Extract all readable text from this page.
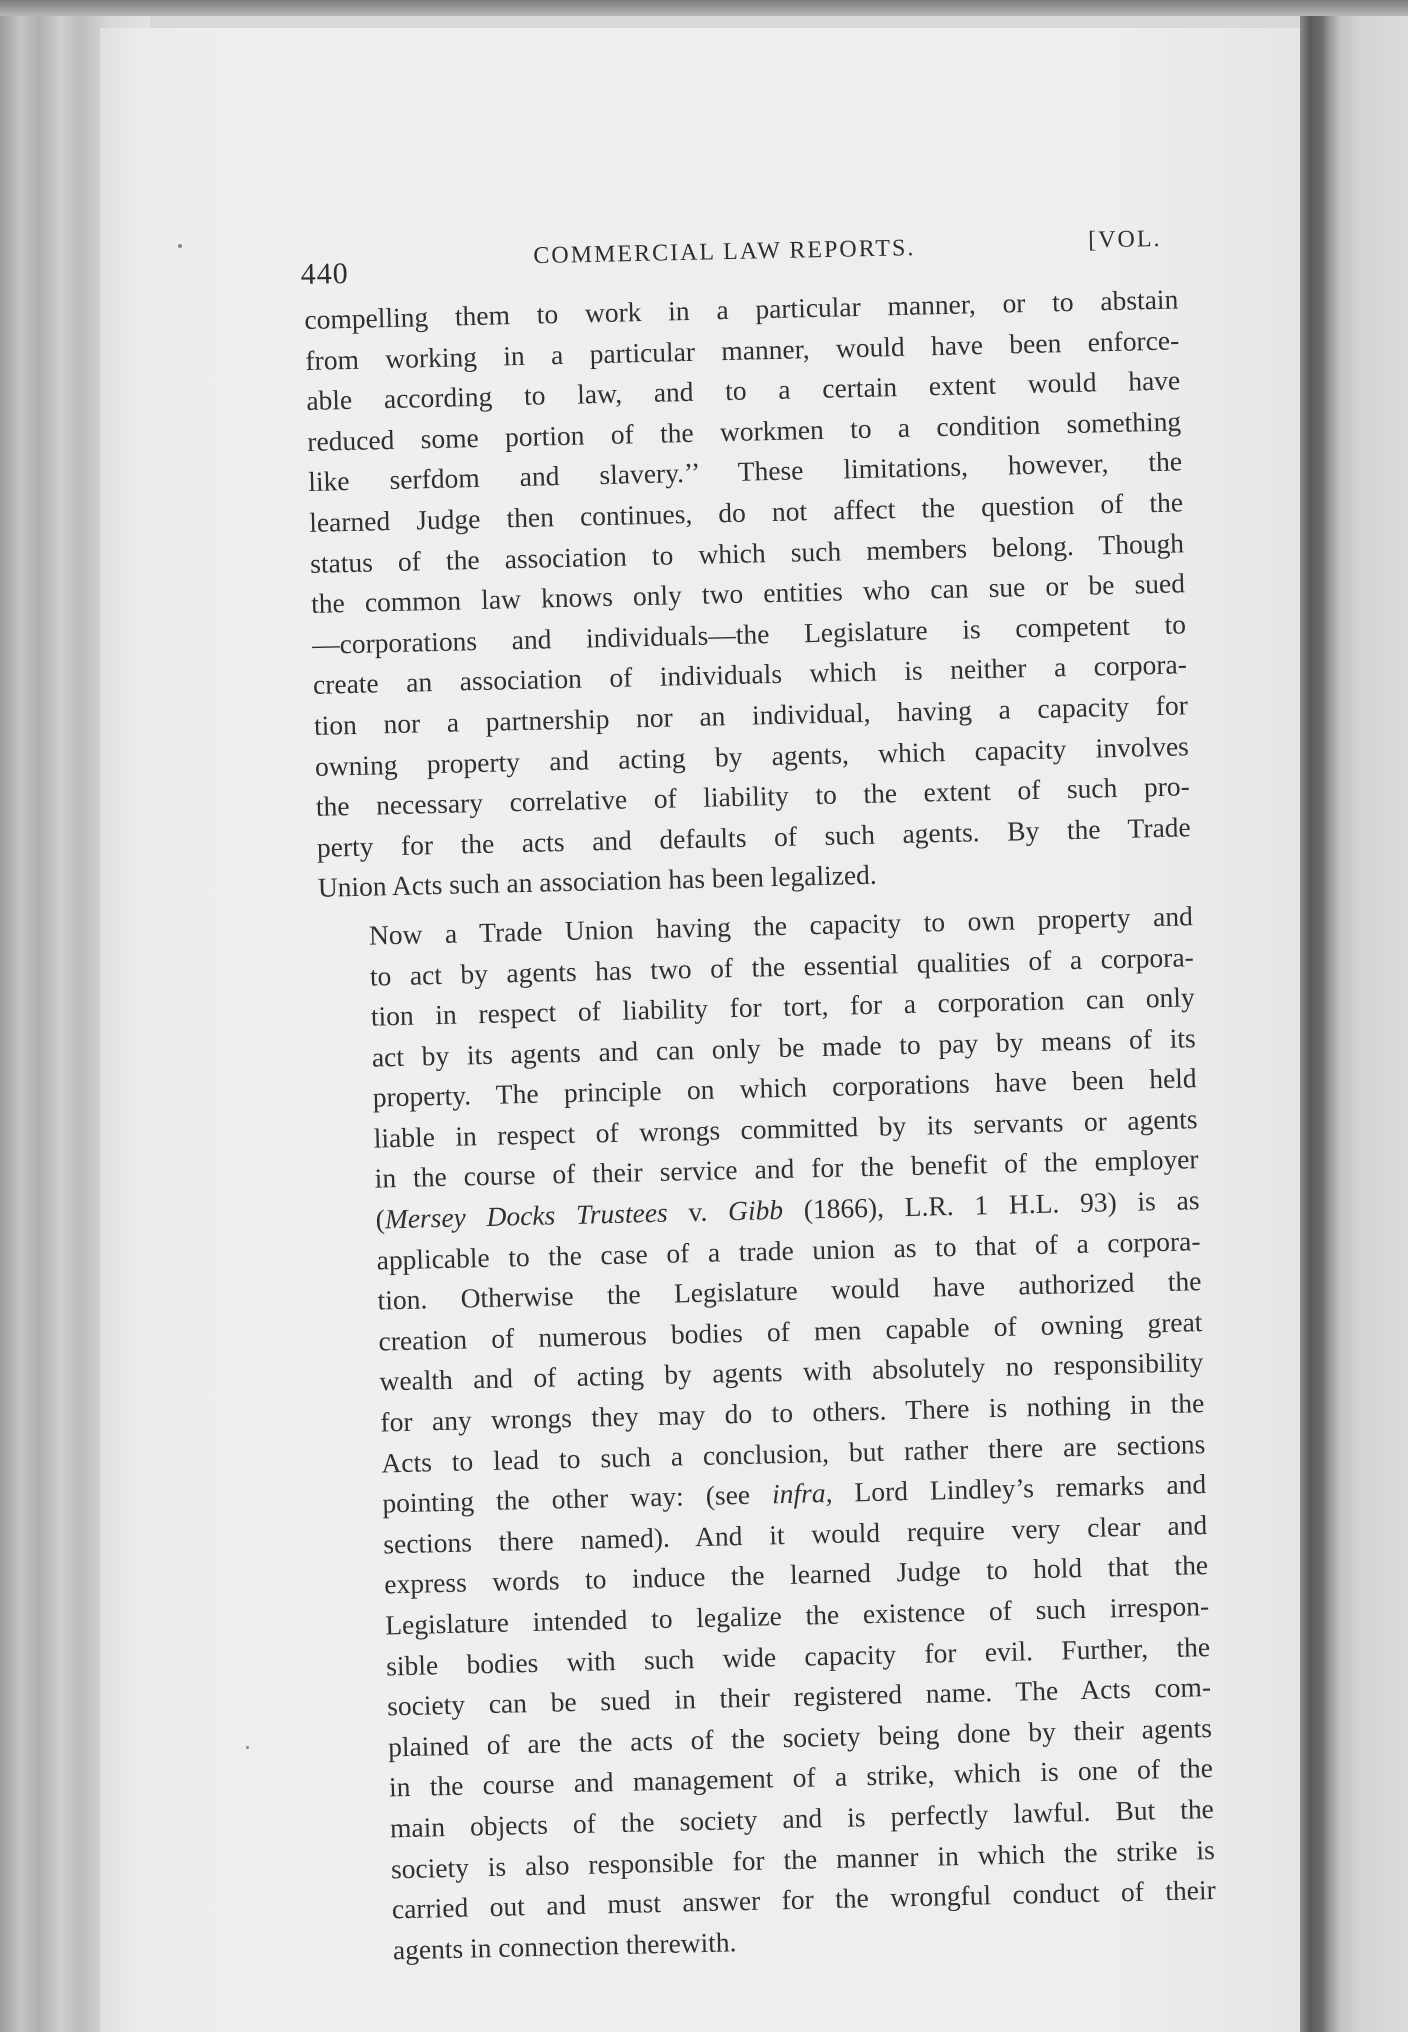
440
COMMERCIAL LAW REPORTS.	[VOL.
compelling them to work in a particular manner, or to abstain
from working in a particular manner, would have been enforce-
able according to law, and to a certain extent would have
reduced some portion of the workmen to a condition something
like serfdom and slavery.’’ These limitations, however, the
learned Judge then continues, do not affect the question of the
status of the association to which such members belong. Though
the common law knows only two entities who can sue or be sued
—corporations and individuals—the Legislature is competent to
create an association of individuals which is neither a corpora-
tion nor a partnership nor an individual, having a capacity for
owning property and acting by agents, which capacity involves
the necessary correlative of liability to the extent of such pro-
perty for the acts and defaults of such agents. By the Trade
Union Acts such an association has been legalized.
Now a Trade Union having the capacity to own property and
to act by agents has two of the essential qualities of a corpora-
tion in respect of liability for tort, for a corporation can only
act by its agents and can only be made to pay by means of its
property. The principle on which corporations have been held
liable in respect of wrongs committed by its servants or agents
in the course of their service and for the benefit of the employer
(Mersey Docks Trustees v. Gibb (1866), L.R. 1 H.L. 93) is as
applicable to the case of a trade union as to that of a corpora-
tion. Otherwise the Legislature would have authorized the
creation of numerous bodies of men capable of owning great
wealth and of acting by agents with absolutely no responsibility
for any wrongs they may do to others. There is nothing in the
Acts to lead to such a conclusion, but rather there are sections
pointing the other way: (see infra, Lord Lindley’s remarks and
sections there named). And it would require very clear and
express words to induce the learned Judge to hold that the
Legislature intended to legalize the existence of such irrespon-
sible bodies with such wide capacity for evil. Further, the
society can be sued in their registered name. The Acts com-
plained of are the acts of the society being done by their agents
in the course and management of a strike, which is one of the
main objects of the society and is perfectly lawful. But the
society is also responsible for the manner in which the strike is
carried out and must answer for the wrongful conduct of their
agents in connection therewith.
